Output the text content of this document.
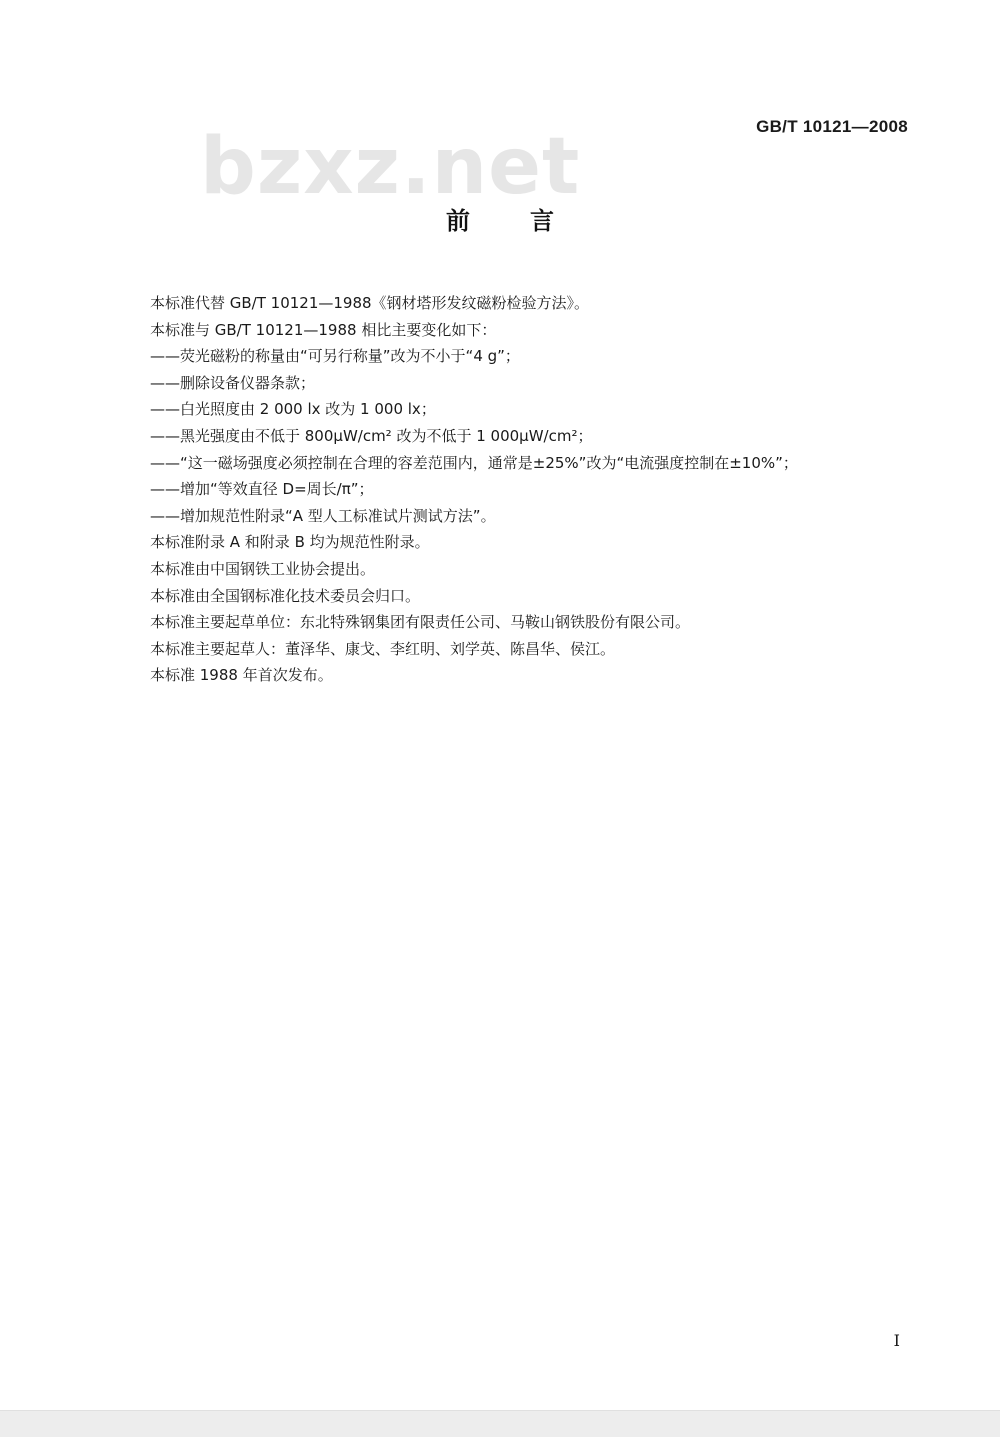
bzxz.net	GB/T 10121—2008
前言
本标准代替 GB/T 10121—1988《钢材塔形发纹磁粉检验方法》。
本标准与 GB/T 10121—1988 相比主要变化如下：
——荧光磁粉的称量由“可另行称量”改为不小于“4 g”；
——删除设备仪器条款；
——白光照度由 2 000 lx 改为 1 000 lx；
——黑光强度由不低于 800μW/cm² 改为不低于 1 000μW/cm²；
——“这一磁场强度必须控制在合理的容差范围内，通常是±25%”改为“电流强度控制在±10%”；
——增加“等效直径 D=周长/π”；
——增加规范性附录“A 型人工标准试片测试方法”。
本标准附录 A 和附录 B 均为规范性附录。
本标准由中国钢铁工业协会提出。
本标准由全国钢标准化技术委员会归口。
本标准主要起草单位：东北特殊钢集团有限责任公司、马鞍山钢铁股份有限公司。
本标准主要起草人：董泽华、康戈、李红明、刘学英、陈昌华、侯江。
本标准 1988 年首次发布。
I
